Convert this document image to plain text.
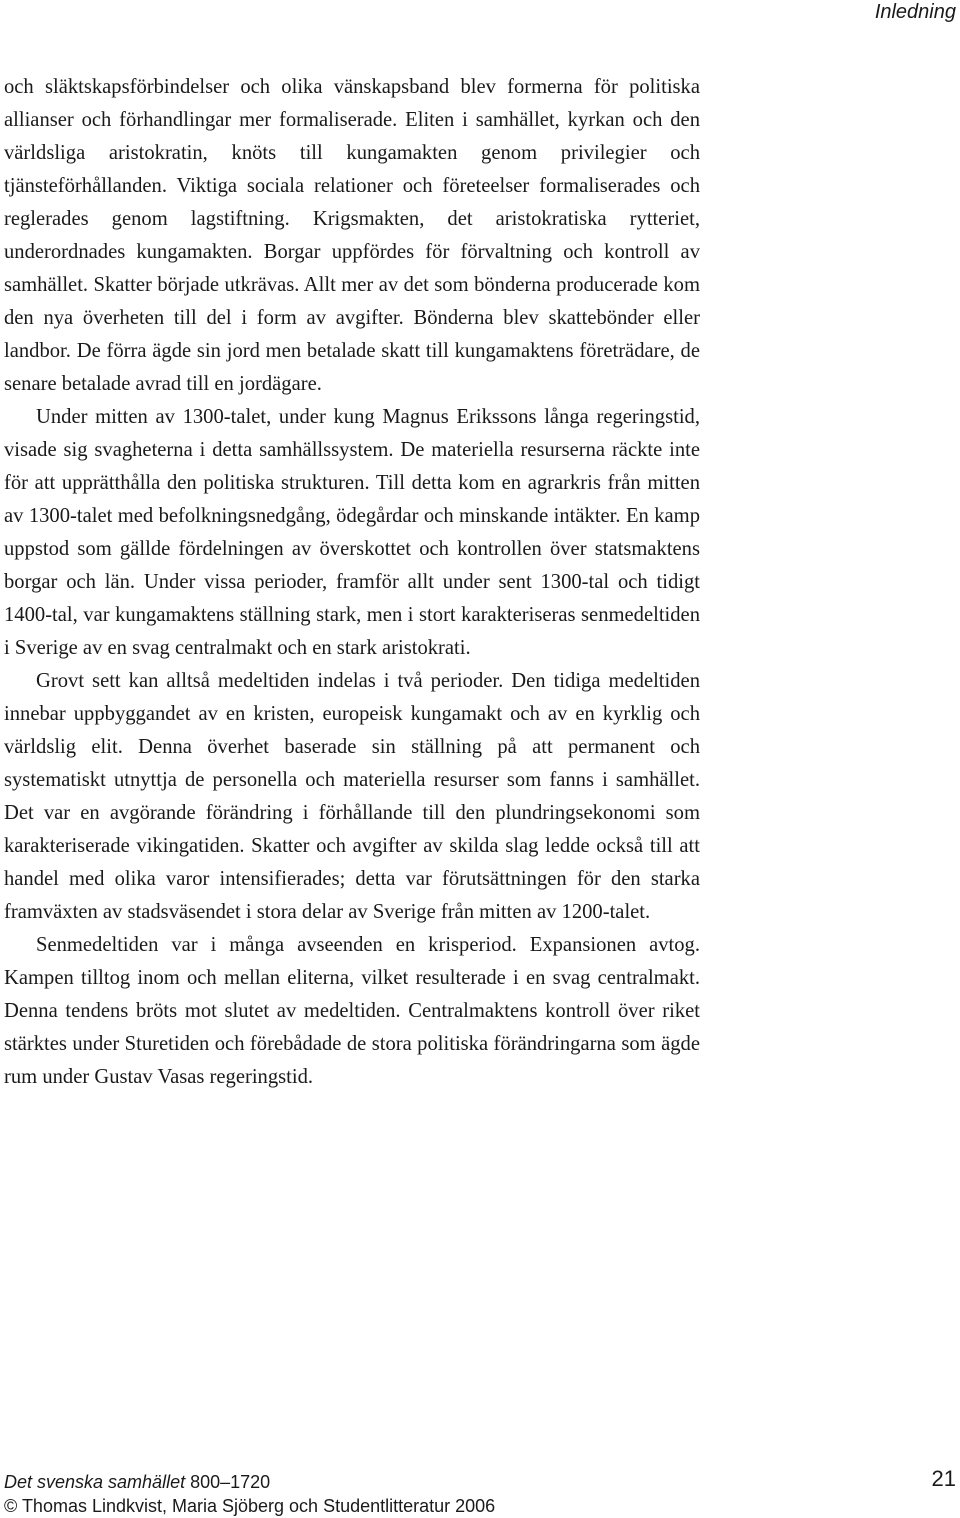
Inledning

och släktskapsförbindelser och olika vänskapsband blev formerna för politiska allianser och förhandlingar mer formaliserade. Eliten i samhället, kyrkan och den världsliga aristokratin, knöts till kungamakten genom privilegier och tjänsteförhållanden. Viktiga sociala relationer och företeelser formaliserades och reglerades genom lagstiftning. Krigsmakten, det aristokratiska rytteriet, underordnades kungamakten. Borgar uppfördes för förvaltning och kontroll av samhället. Skatter började utkrävas. Allt mer av det som bönderna producerade kom den nya överheten till del i form av avgifter. Bönderna blev skattebönder eller landbor. De förra ägde sin jord men betalade skatt till kungamaktens företrädare, de senare betalade avrad till en jordägare.

Under mitten av 1300-talet, under kung Magnus Erikssons långa regeringstid, visade sig svagheterna i detta samhällssystem. De materiella resurserna räckte inte för att upprätthålla den politiska strukturen. Till detta kom en agrarkris från mitten av 1300-talet med befolkningsnedgång, ödegårdar och minskande intäkter. En kamp uppstod som gällde fördelningen av överskottet och kontrollen över statsmaktens borgar och län. Under vissa perioder, framför allt under sent 1300-tal och tidigt 1400-tal, var kungamaktens ställning stark, men i stort karakteriseras senmedeltiden i Sverige av en svag centralmakt och en stark aristokrati.

Grovt sett kan alltså medeltiden indelas i två perioder. Den tidiga medeltiden innebar uppbyggandet av en kristen, europeisk kungamakt och av en kyrklig och världslig elit. Denna överhet baserade sin ställning på att permanent och systematiskt utnyttja de personella och materiella resurser som fanns i samhället. Det var en avgörande förändring i förhållande till den plundringsekonomi som karakteriserade vikingatiden. Skatter och avgifter av skilda slag ledde också till att handel med olika varor intensifierades; detta var förutsättningen för den starka framväxten av stadsväsendet i stora delar av Sverige från mitten av 1200-talet.

Senmedeltiden var i många avseenden en krisperiod. Expansionen avtog. Kampen tilltog inom och mellan eliterna, vilket resulterade i en svag centralmakt. Denna tendens bröts mot slutet av medeltiden. Centralmaktens kontroll över riket stärktes under Sturetiden och förebådade de stora politiska förändringarna som ägde rum under Gustav Vasas regeringstid.

Det svenska samhället 800–1720
© Thomas Lindkvist, Maria Sjöberg och Studentlitteratur 2006
21
